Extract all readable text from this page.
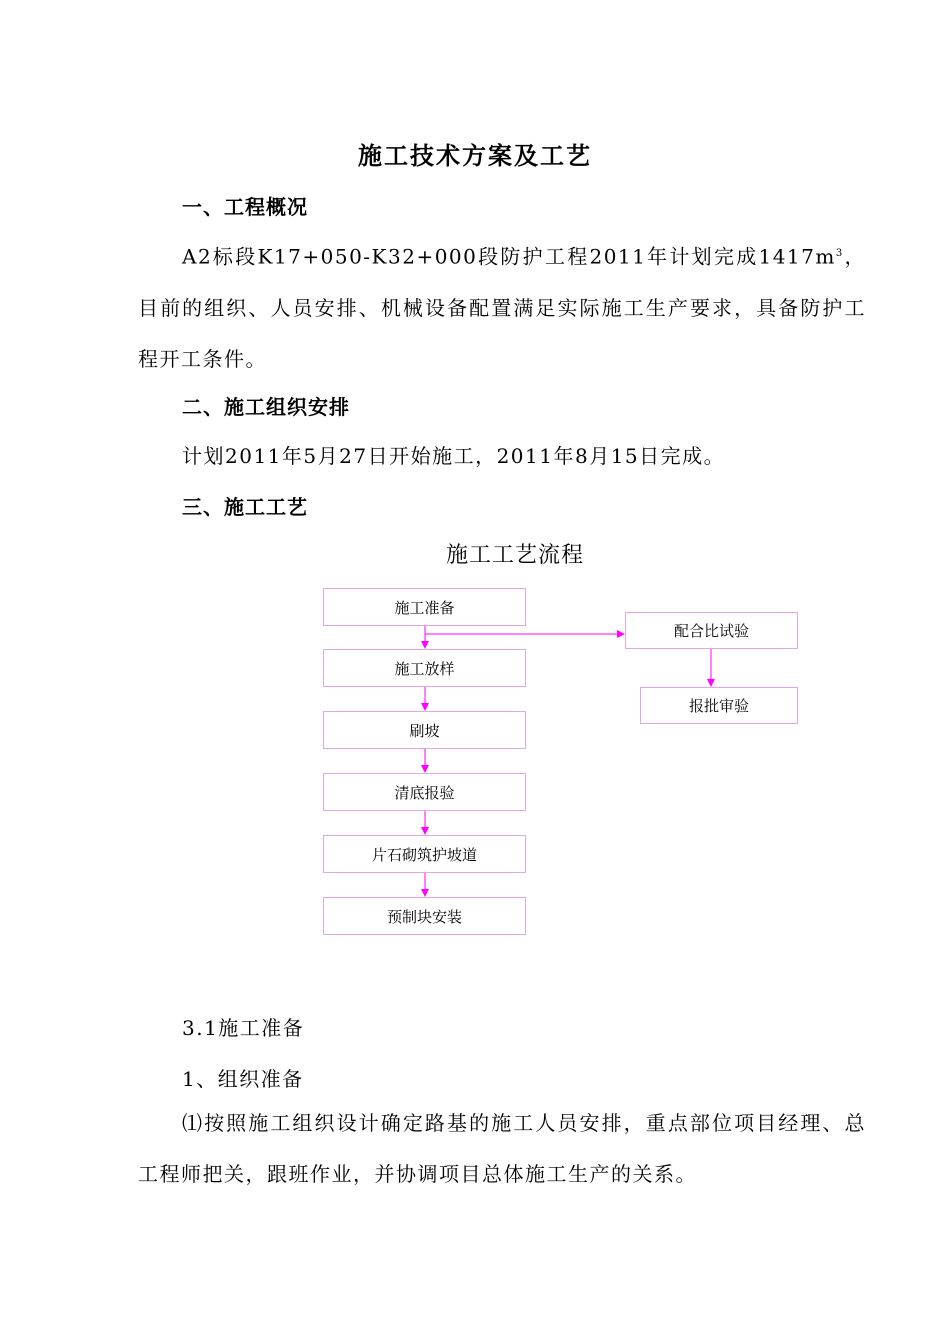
施工技术方案及工艺
一、工程概况
A2标段K17+050-K32+000段防护工程2011年计划完成$1417m^3$，目前的组织、人员安排、机械设备配置满足实际施工生产要求，具备防护工程开工条件。
二、施工组织安排
计划2011年5月27日开始施工，2011年8月15日完成。
三、施工工艺
施工工艺流程
施工准备
施工放样
刷坡
清底报验
片石砌筑护坡道
预制块安装
配合比试验
报批审验
3.1施工准备
1、组织准备
⑴按照施工组织设计确定路基的施工人员安排，重点部位项目经理、总工程师把关，跟班作业，并协调项目总体施工生产的关系。
